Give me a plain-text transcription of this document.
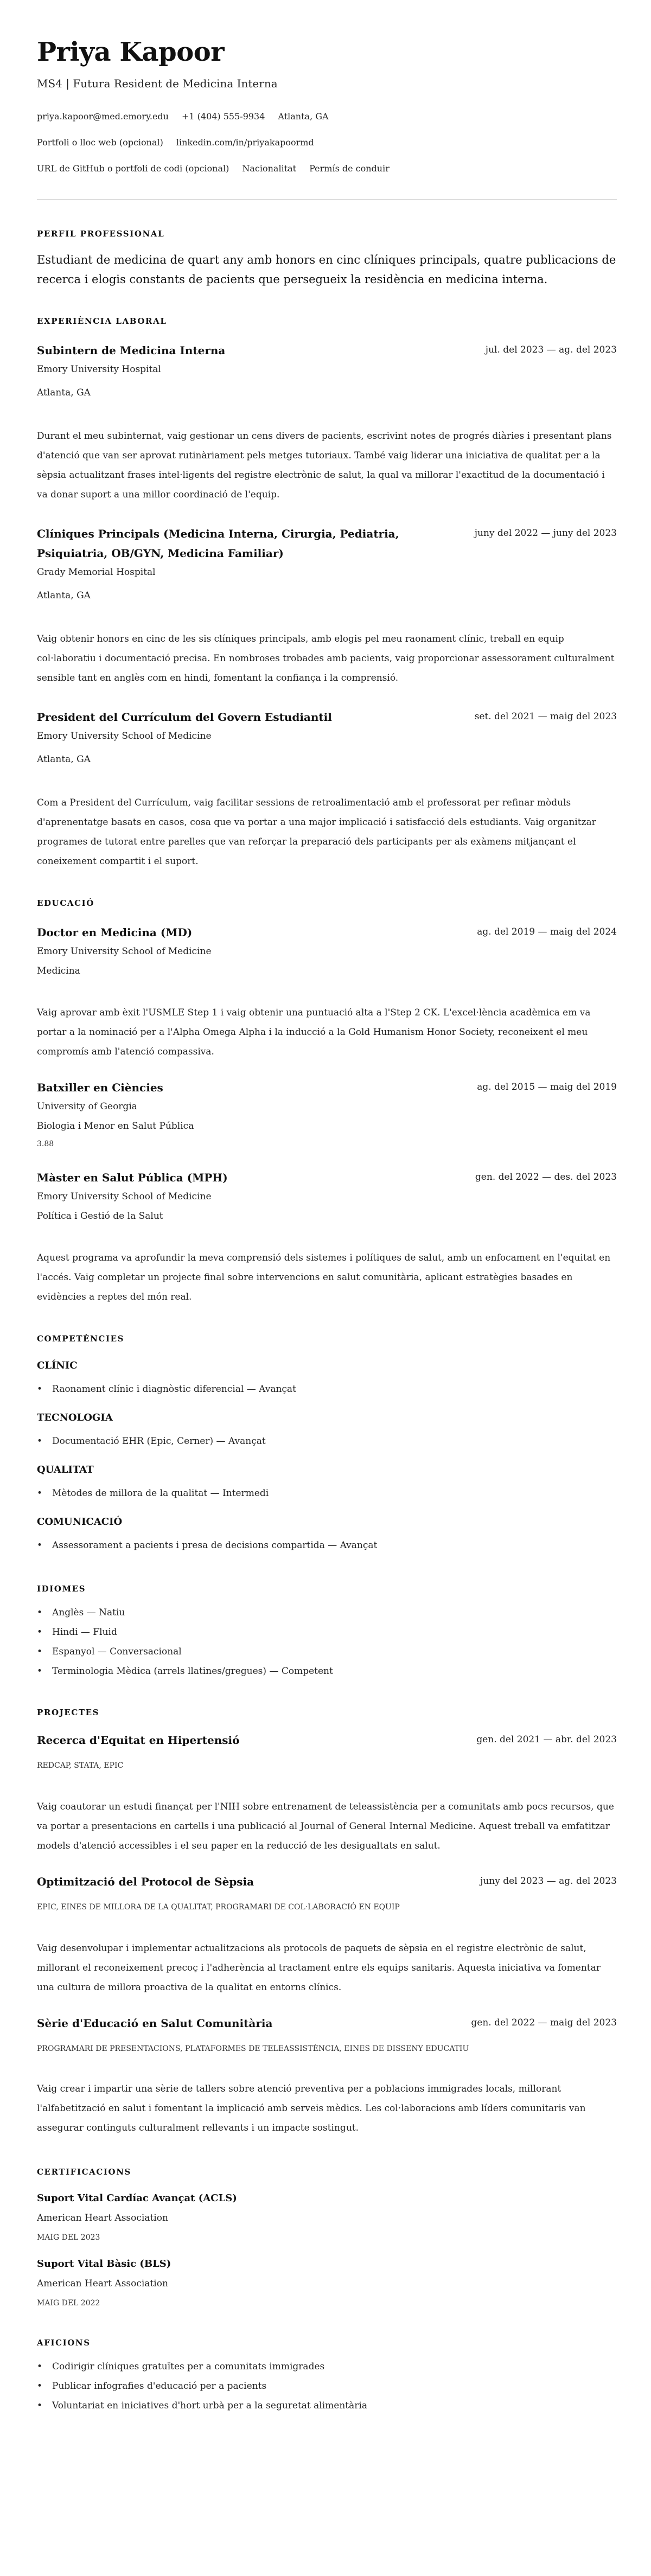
Priya Kapoor
MS4 | Futura Resident de Medicina Interna
priya.kapoor@med.emory.edu +1 (404) 555-9934 Atlanta, GA
Portfoli o lloc web (opcional) linkedin.com/in/priyakapoormd
URL de GitHub o portfoli de codi (opcional) Nacionalitat Permís de conduir
PERFIL PROFESSIONAL
Estudiant de medicina de quart any amb honors en cinc clíniques principals, quatre publicacions de recerca i elogis constants de pacients que persegueix la residència en medicina interna.
EXPERIÈNCIA LABORAL
Subintern de Medicina Interna	jul. del 2023 — ag. del 2023
Emory University Hospital
Atlanta, GA
Durant el meu subinternat, vaig gestionar un cens divers de pacients, escrivint notes de progrés diàries i presentant plans d'atenció que van ser aprovat rutinàriament pels metges tutoriaux. També vaig liderar una iniciativa de qualitat per a la sèpsia actualitzant frases intel·ligents del registre electrònic de salut, la qual va millorar l'exactitud de la documentació i va donar suport a una millor coordinació de l'equip.
Clíniques Principals (Medicina Interna, Cirurgia, Pediatria, Psiquiatria, OB/GYN, Medicina Familiar)
juny del 2022 — juny del 2023
Grady Memorial Hospital
Atlanta, GA
Vaig obtenir honors en cinc de les sis clíniques principals, amb elogis pel meu raonament clínic, treball en equip col·laboratiu i documentació precisa. En nombroses trobades amb pacients, vaig proporcionar assessorament culturalment sensible tant en anglès com en hindi, fomentant la confiança i la comprensió.
President del Currículum del Govern Estudiantil	set. del 2021 — maig del 2023
Emory University School of Medicine
Atlanta, GA
Com a President del Currículum, vaig facilitar sessions de retroalimentació amb el professorat per refinar mòduls d'aprenentatge basats en casos, cosa que va portar a una major implicació i satisfacció dels estudiants. Vaig organitzar programes de tutorat entre parelles que van reforçar la preparació dels participants per als exàmens mitjançant el coneixement compartit i el suport.
EDUCACIÓ
Doctor en Medicina (MD)	ag. del 2019 — maig del 2024
Emory University School of Medicine
Medicina
Vaig aprovar amb èxit l'USMLE Step 1 i vaig obtenir una puntuació alta a l'Step 2 CK. L'excel·lència acadèmica em va portar a la nominació per a l'Alpha Omega Alpha i la inducció a la Gold Humanism Honor Society, reconeixent el meu compromís amb l'atenció compassiva.
Batxiller en Ciències	ag. del 2015 — maig del 2019
University of Georgia
Biologia i Menor en Salut Pública
3.88
Màster en Salut Pública (MPH)	gen. del 2022 — des. del 2023
Emory University School of Medicine
Política i Gestió de la Salut
Aquest programa va aprofundir la meva comprensió dels sistemes i polítiques de salut, amb un enfocament en l'equitat en l'accés. Vaig completar un projecte final sobre intervencions en salut comunitària, aplicant estratègies basades en evidències a reptes del món real.
COMPETÈNCIES
CLÍNIC
• Raonament clínic i diagnòstic diferencial — Avançat
TECNOLOGIA
• Documentació EHR (Epic, Cerner) — Avançat
QUALITAT
• Mètodes de millora de la qualitat — Intermedi
COMUNICACIÓ
• Assessorament a pacients i presa de decisions compartida — Avançat
IDIOMES
• Anglès — Natiu
• Hindi — Fluid
• Espanyol — Conversacional
• Terminologia Mèdica (arrels llatines/gregues) — Competent
PROJECTES
Recerca d'Equitat en Hipertensió	gen. del 2021 — abr. del 2023
REDCAP, STATA, EPIC
Vaig coautorar un estudi finançat per l'NIH sobre entrenament de teleassistència per a comunitats amb pocs recursos, que va portar a presentacions en cartells i una publicació al Journal of General Internal Medicine. Aquest treball va emfatitzar models d'atenció accessibles i el seu paper en la reducció de les desigualtats en salut.
Optimització del Protocol de Sèpsia	juny del 2023 — ag. del 2023
EPIC, EINES DE MILLORA DE LA QUALITAT, PROGRAMARI DE COL·LABORACIÓ EN EQUIP
Vaig desenvolupar i implementar actualitzacions als protocols de paquets de sèpsia en el registre electrònic de salut, millorant el reconeixement precoç i l'adherència al tractament entre els equips sanitaris. Aquesta iniciativa va fomentar una cultura de millora proactiva de la qualitat en entorns clínics.
Sèrie d'Educació en Salut Comunitària	gen. del 2022 — maig del 2023
PROGRAMARI DE PRESENTACIONS, PLATAFORMES DE TELEASSISTÈNCIA, EINES DE DISSENY EDUCATIU
Vaig crear i impartir una sèrie de tallers sobre atenció preventiva per a poblacions immigrades locals, millorant l'alfabetització en salut i fomentant la implicació amb serveis mèdics. Les col·laboracions amb líders comunitaris van assegurar continguts culturalment rellevants i un impacte sostingut.
CERTIFICACIONS
Suport Vital Cardíac Avançat (ACLS)
American Heart Association
MAIG DEL 2023
Suport Vital Bàsic (BLS)
American Heart Association
MAIG DEL 2022
AFICIONS
• Codirigir clíniques gratuïtes per a comunitats immigrades
• Publicar infografies d'educació per a pacients
• Voluntariat en iniciatives d'hort urbà per a la seguretat alimentària
